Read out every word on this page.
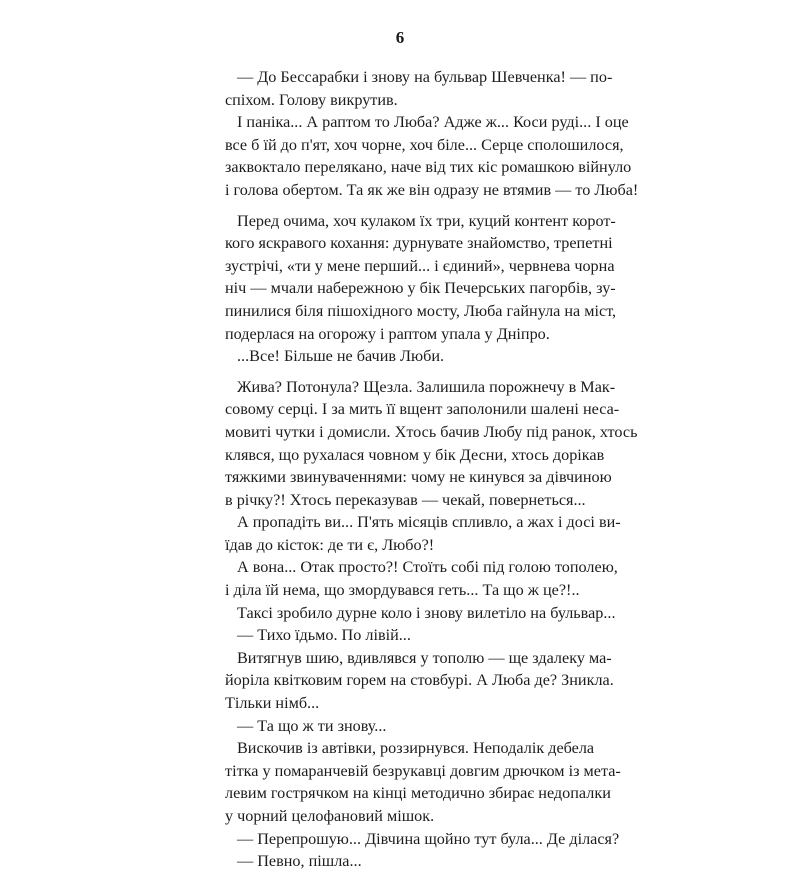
6
— До Бессарабки і знову на бульвар Шевченка! — по-
спіхом. Голову викрутив.
І паніка... А раптом то Люба? Адже ж... Коси руді... І оце
все б їй до п'ят, хоч чорне, хоч біле... Серце сполошилося,
заквоктало перелякано, наче від тих кіс ромашкою війнуло
і голова обертом. Та як же він одразу не втямив — то Люба!
Перед очима, хоч кулаком їх три, куций контент корот-
кого яскравого кохання: дурнувате знайомство, трепетні
зустрічі, «ти у мене перший... і єдиний», червнева чорна
ніч — мчали набережною у бік Печерських пагорбів, зу-
пинилися біля пішохідного мосту, Люба гайнула на міст,
подерлася на огорожу і раптом упала у Дніпро.
...Все! Більше не бачив Люби.
Жива? Потонула? Щезла. Залишила порожнечу в Мак-
совому серці. І за мить її вщент заполонили шалені неса-
мовиті чутки і домисли. Хтось бачив Любу під ранок, хтось
клявся, що рухалася човном у бік Десни, хтось дорікав
тяжкими звинуваченнями: чому не кинувся за дівчиною
в річку?! Хтось переказував — чекай, повернеться...
А пропадіть ви... П'ять місяців спливло, а жах і досі ви-
їдав до кісток: де ти є, Любо?!
А вона... Отак просто?! Стоїть собі під голою тополею,
і діла їй нема, що змордувався геть... Та що ж це?!..
Таксі зробило дурне коло і знову вилетіло на бульвар...
— Тихо їдьмо. По лівій...
Витягнув шию, вдивлявся у тополю — ще здалеку ма-
йоріла квітковим горем на стовбурі. А Люба де? Зникла.
Тільки німб...
— Та що ж ти знову...
Вискочив із автівки, роззирнувся. Неподалік дебела
тітка у помаранчевій безрукавці довгим дрючком із мета-
левим гострячком на кінці методично збирає недопалки
у чорний целофановий мішок.
— Перепрошую... Дівчина щойно тут була... Де ділася?
— Певно, пішла...
